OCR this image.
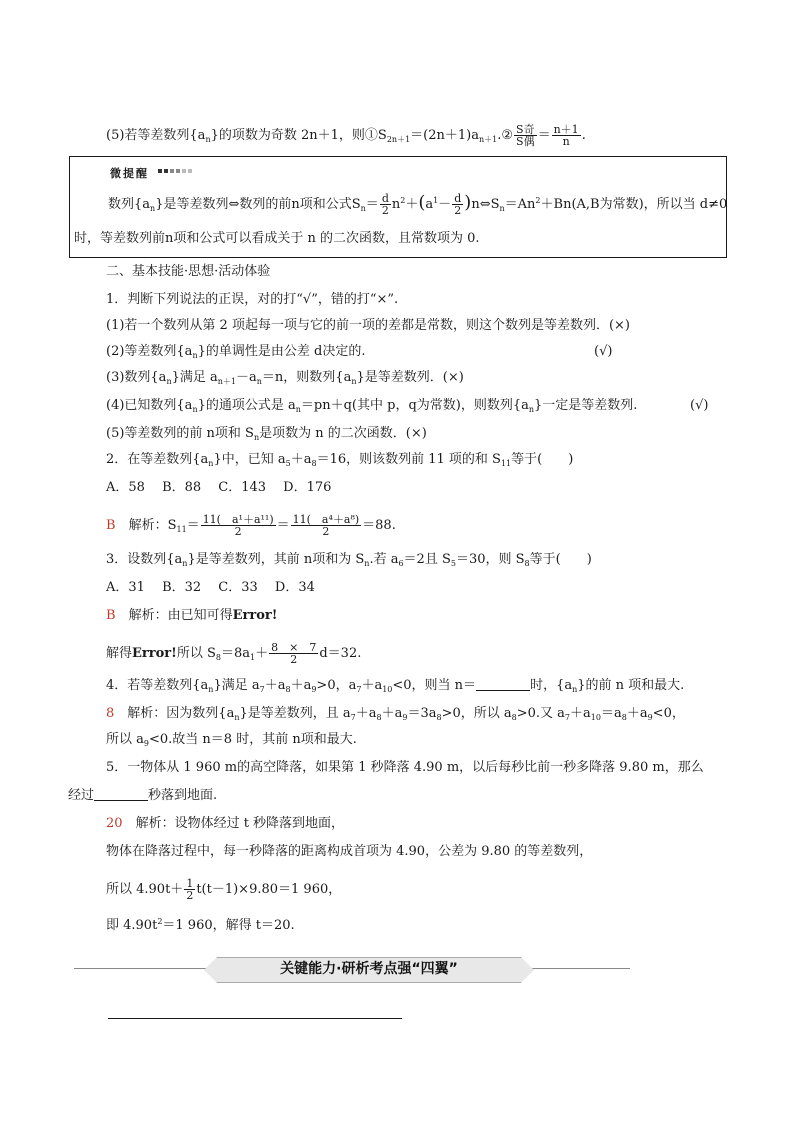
(5)若等差数列$\{a_n\}$的项数为奇数 2n＋1，则$①S_{2n+1}=(2n+1)a_{n+1}.② \frac{\text{S奇}}{\text{S偶}} = \frac{n+1}{n}$ .
微提醒
数列$\{a_n\}$是等差数列⇔数列的前n项和公式$S_n= \frac{d}{2} n^2+(a^1- \frac{d}{2}$ )$n\Leftrightarrow S_n=An^2+Bn(A,B$为常数)，所以当 d≠0
时，等差数列前n项和公式可以看成关于 n 的二次函数，且常数项为 0.
二、基本技能·思想·活动体验
1．判断下列说法的正误，对的打“√”，错的打“×”.
(1)若一个数列从第 2 项起每一项与它的前一项的差都是常数，则这个数列是等差数列．(×)
(2)等差数列$\{a_n\}$的单调性是由公差 d决定的.	(√)
(3)数列$\{a_n\}$满足 $a_{n+1}-a_n=n$，则数列$\{a_n\}$是等差数列．(×)
(4)已知数列$\{a_n\}$的通项公式是 $a_n=pn+q$(其中 p，q为常数)，则数列$\{a_n\}$一定是等差数列.	(√)
(5)等差数列的前 n项和 $S_n$是项数为 n 的二次函数．(×)
2．在等差数列$\{a_n\}$中，已知 $a_5+a_8=16$，则该数列前 11 项的和 $S_{11}$等于(　　)
A．58　 B．88　 C．143　 D．176
B　 解析：$S_{11}= \frac{\text{11(　a¹＋a¹¹)}}{2} = \frac{\text{11(　a⁴＋a⁸)}}{2} =88$.
3．设数列$\{a_n\}$是等差数列，其前 n项和为 $S_n$.若 $a_6=2$且 $S_5=30$，则 $S_8$等于(　　)
A．31　 B．32　 C．33　 D．34
B　 解析：由已知可得Error!
解得Error!所以 $S_8=8a_1+ \frac{8 \times 7}{2} d=32$.
4．若等差数列$\{a_n\}$满足 $a_7+a_8+a_9>0$，$a_7+a_{10}<0$，则当 n＝	时，$\{a_n\}$的前 n 项和最大.
8　 解析：因为数列$\{a_n\}$是等差数列，且 $a_7+a_8+a_9=3a_8>0$，所以 $a_8>0$.又 $a_7+a_{10}=a_8+a_9<0$，
所以 $a_9<0$.故当 n＝8 时，其前 n项和最大.
5．一物体从 1 960 m的高空降落，如果第 1 秒降落 4.90 m，以后每秒比前一秒多降落 9.80 m，那么
经过	秒落到地面.
20　 解析：设物体经过 t 秒降落到地面，
物体在降落过程中，每一秒降落的距离构成首项为 4.90，公差为 9.80 的等差数列，
所以 $4.90t+ \frac{1}{2} t(t-1)\times 9.80=1$ 960，
即 $4.90t^2=1$ 960，解得 t＝20.
关键能力·研析考点强“四翼”
